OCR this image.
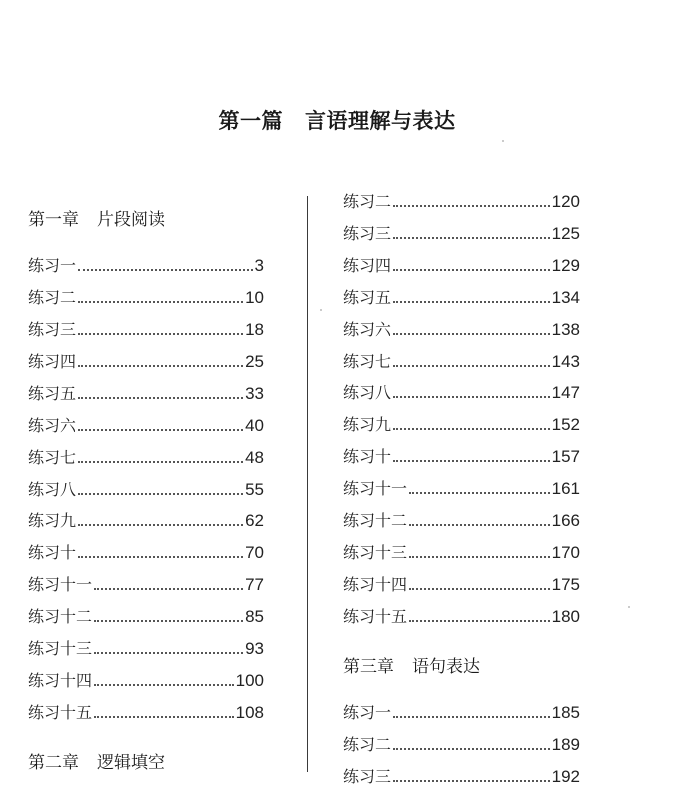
第一篇 言语理解与表达
第一章 片段阅读
练习一	3
练习二	10
练习三	18
练习四	25
练习五	33
练习六	40
练习七	48
练习八	55
练习九	62
练习十	70
练习十一	77
练习十二	85
练习十三	93
练习十四	100
练习十五	108
第二章 逻辑填空
练习二	120
练习三	125
练习四	129
练习五	134
练习六	138
练习七	143
练习八	147
练习九	152
练习十	157
练习十一	161
练习十二	166
练习十三	170
练习十四	175
练习十五	180
第三章 语句表达
练习一	185
练习二	189
练习三	192
